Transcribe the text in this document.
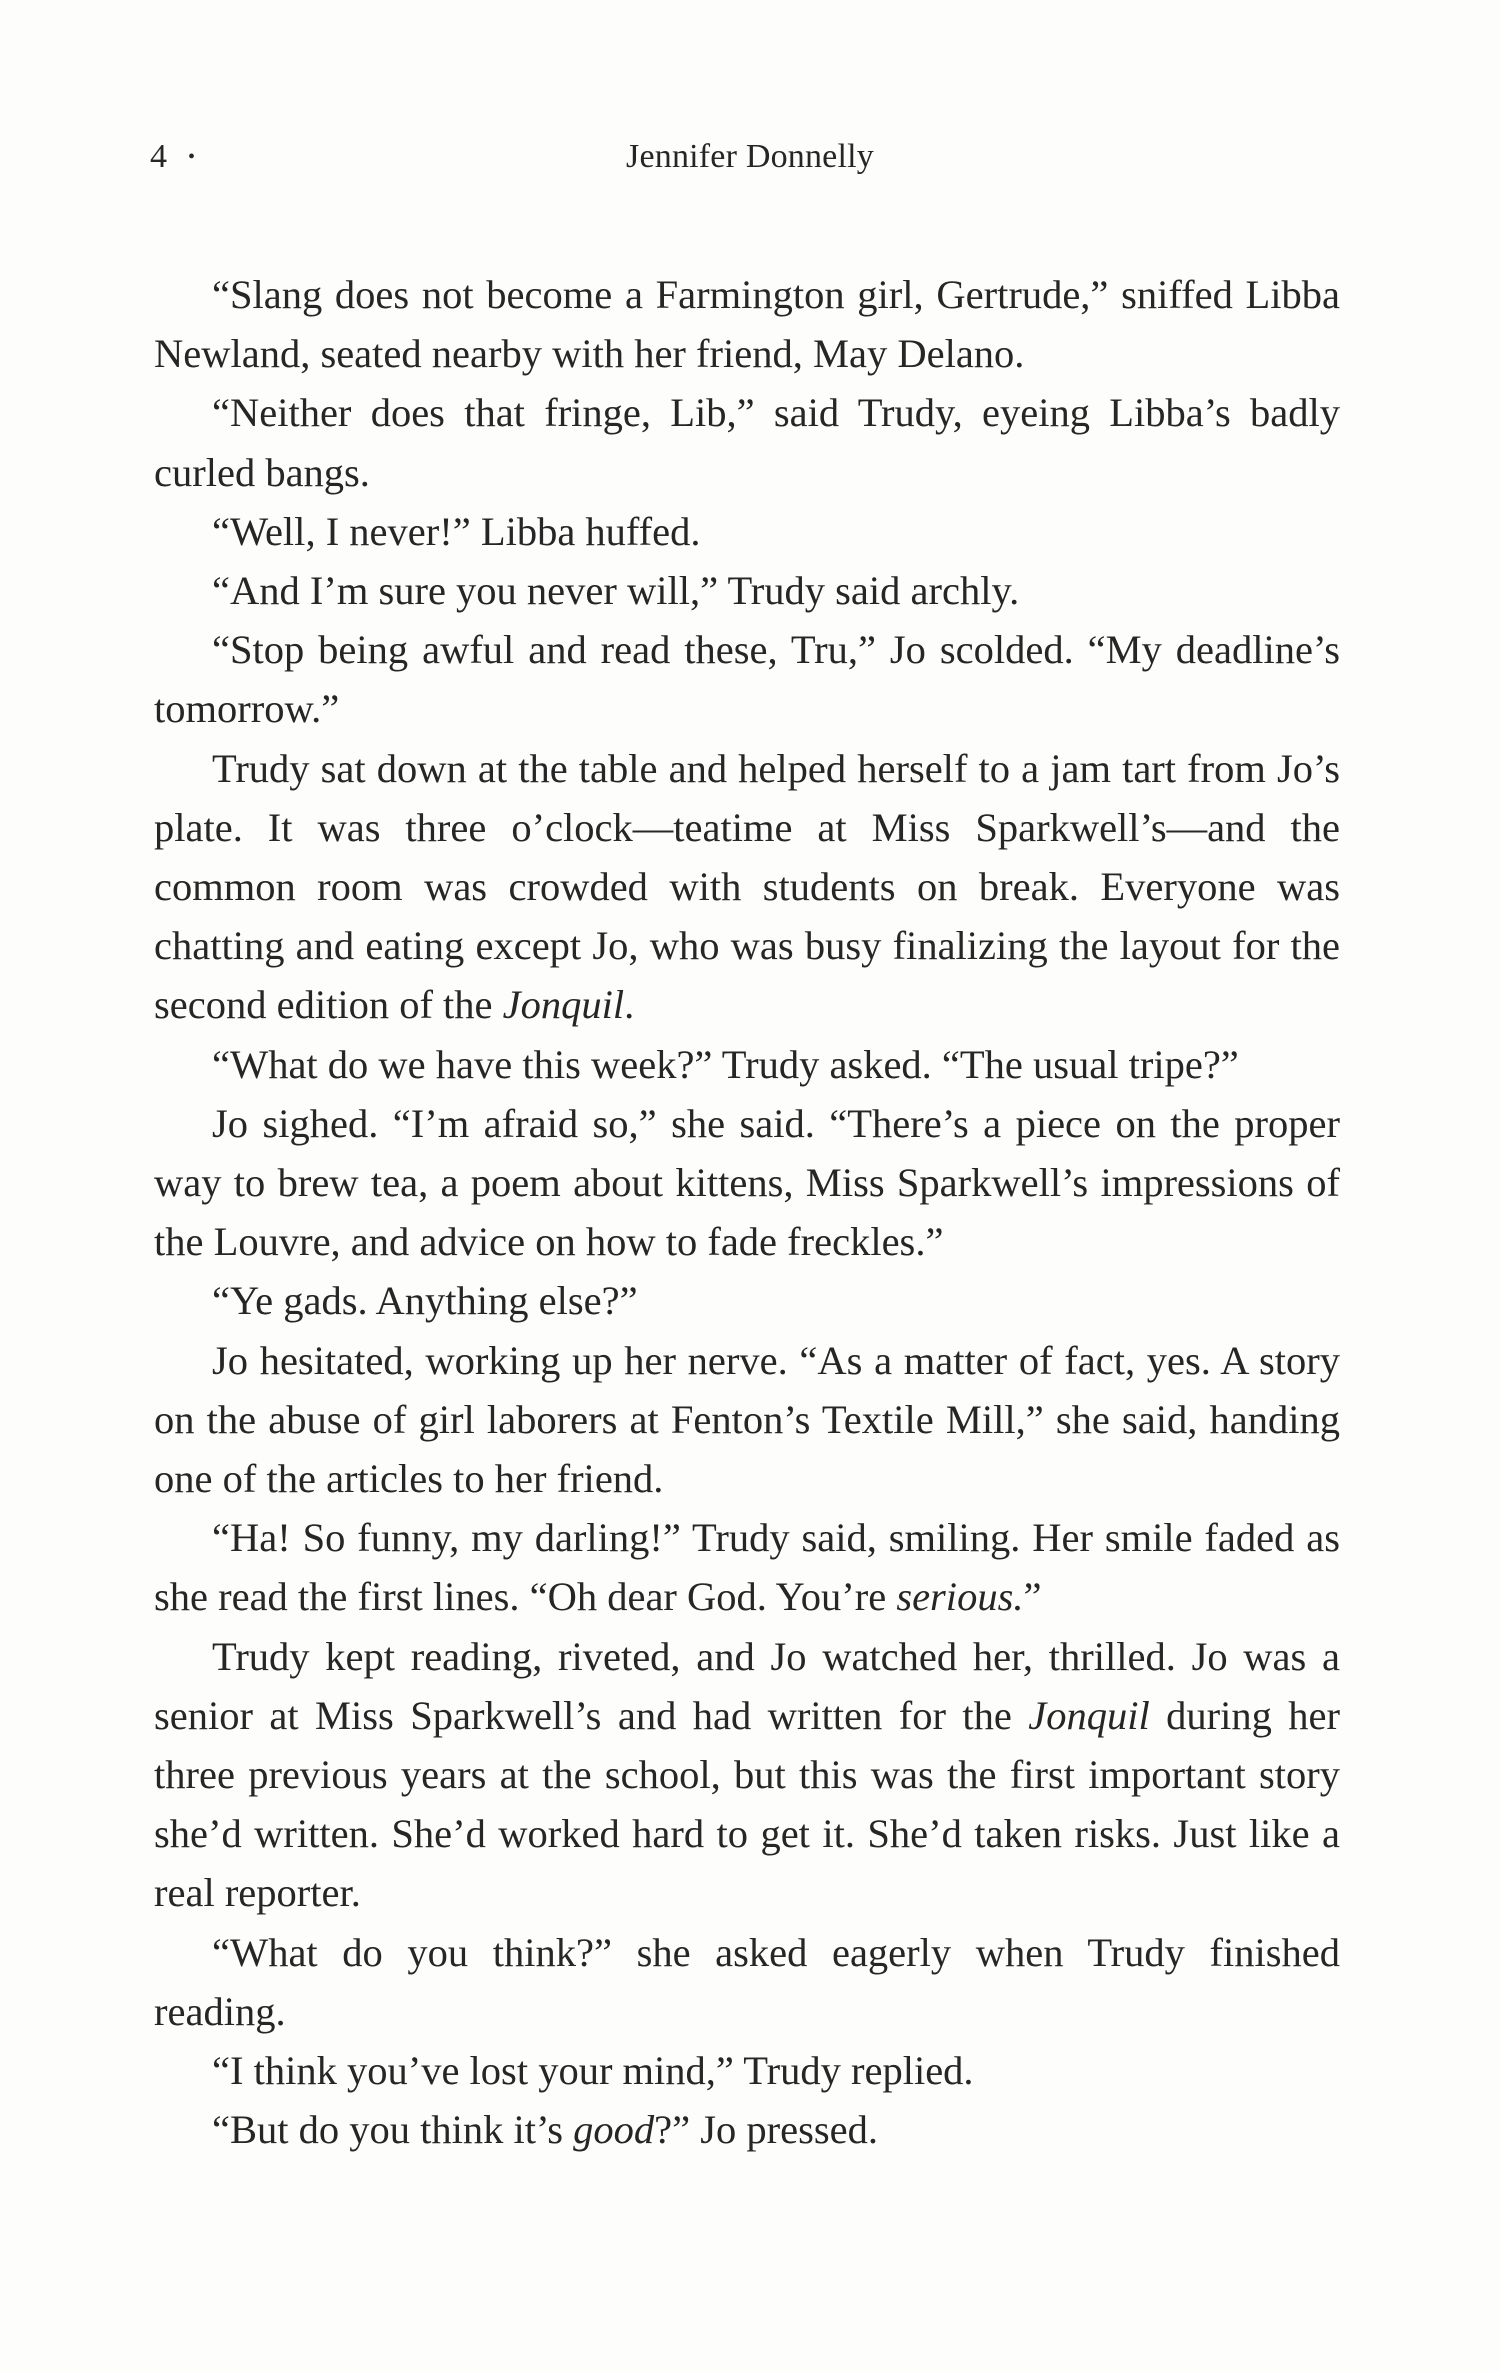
4 •	Jennifer Donnelly

“Slang does not become a Farmington girl, Gertrude,” sniffed Libba Newland, seated nearby with her friend, May Delano.

“Neither does that fringe, Lib,” said Trudy, eyeing Libba’s badly curled bangs.

“Well, I never!” Libba huffed.

“And I’m sure you never will,” Trudy said archly.

“Stop being awful and read these, Tru,” Jo scolded. “My deadline’s tomorrow.”

Trudy sat down at the table and helped herself to a jam tart from Jo’s plate. It was three o’clock—teatime at Miss Sparkwell’s—and the common room was crowded with students on break. Everyone was chatting and eating except Jo, who was busy finalizing the layout for the second edition of the Jonquil.

“What do we have this week?” Trudy asked. “The usual tripe?”

Jo sighed. “I’m afraid so,” she said. “There’s a piece on the proper way to brew tea, a poem about kittens, Miss Sparkwell’s impressions of the Louvre, and advice on how to fade freckles.”

“Ye gads. Anything else?”

Jo hesitated, working up her nerve. “As a matter of fact, yes. A story on the abuse of girl laborers at Fenton’s Textile Mill,” she said, handing one of the articles to her friend.

“Ha! So funny, my darling!” Trudy said, smiling. Her smile faded as she read the first lines. “Oh dear God. You’re serious.”

Trudy kept reading, riveted, and Jo watched her, thrilled. Jo was a senior at Miss Sparkwell’s and had written for the Jonquil during her three previous years at the school, but this was the first important story she’d written. She’d worked hard to get it. She’d taken risks. Just like a real reporter.

“What do you think?” she asked eagerly when Trudy finished reading.

“I think you’ve lost your mind,” Trudy replied.

“But do you think it’s good?” Jo pressed.
